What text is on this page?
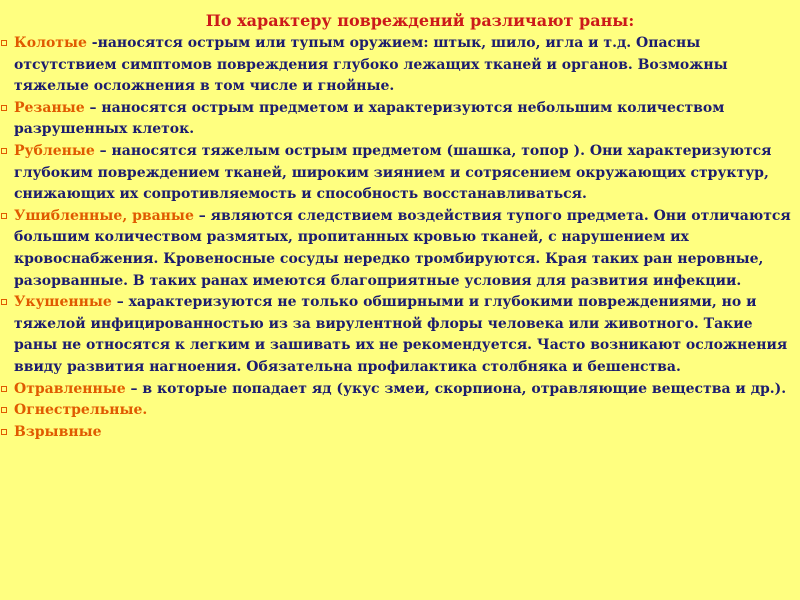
По характеру повреждений различают раны:
Колотые -наносятся острым или тупым оружием: штык, шило, игла и т.д. Опасны отсутствием симптомов повреждения глубоко лежащих тканей и органов. Возможны тяжелые осложнения в том числе и гнойные.
Резаные – наносятся острым предметом и характеризуются небольшим количеством разрушенных клеток.
Рубленые – наносятся тяжелым острым предметом (шашка, топор ). Они характеризуются глубоким повреждением тканей, широким зиянием и сотрясением окружающих структур, снижающих их сопротивляемость и способность восстанавливаться.
Ушибленные, рваные – являются следствием воздействия тупого предмета. Они отличаются большим количеством размятых, пропитанных кровью тканей, с нарушением их кровоснабжения. Кровеносные сосуды нередко тромбируются. Края таких ран неровные, разорванные. В таких ранах имеются благоприятные условия для развития инфекции.
Укушенные – характеризуются не только обширными и глубокими повреждениями, но и тяжелой инфицированностью из за вирулентной флоры человека или животного. Такие раны не относятся к легким и зашивать их не рекомендуется. Часто возникают осложнения ввиду развития нагноения. Обязательна профилактика столбняка и бешенства.
Отравленные – в которые попадает яд (укус змеи, скорпиона, отравляющие вещества и др.).
Огнестрельные.
Взрывные
